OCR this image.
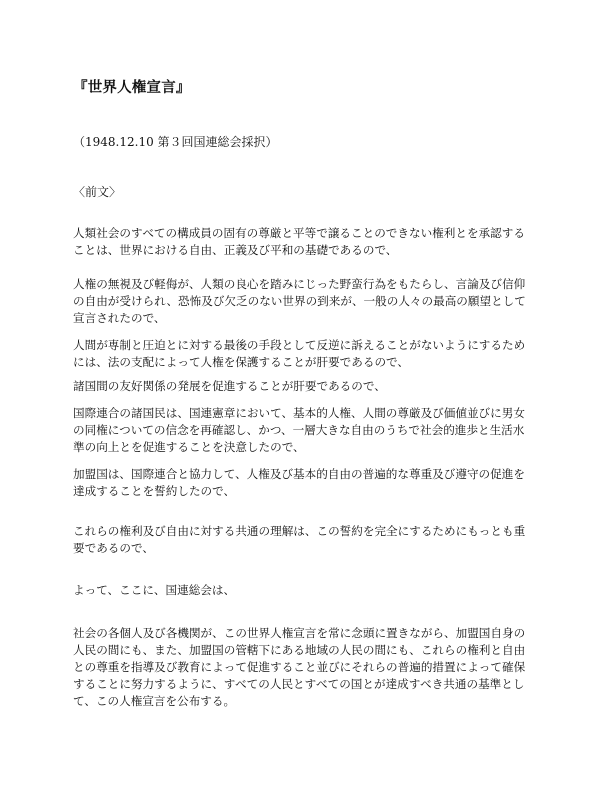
『世界人権宣言』
（1948.12.10 第３回国連総会採択）
〈前文〉
人類社会のすべての構成員の固有の尊厳と平等で譲ることのできない権利とを承認する
ことは、世界における自由、正義及び平和の基礎であるので、
人権の無視及び軽侮が、人類の良心を踏みにじった野蛮行為をもたらし、言論及び信仰
の自由が受けられ、恐怖及び欠乏のない世界の到来が、一般の人々の最高の願望として
宣言されたので、
人間が専制と圧迫とに対する最後の手段として反逆に訴えることがないようにするため
には、法の支配によって人権を保護することが肝要であるので、
諸国間の友好関係の発展を促進することが肝要であるので、
国際連合の諸国民は、国連憲章において、基本的人権、人間の尊厳及び価値並びに男女
の同権についての信念を再確認し、かつ、一層大きな自由のうちで社会的進歩と生活水
準の向上とを促進することを決意したので、
加盟国は、国際連合と協力して、人権及び基本的自由の普遍的な尊重及び遵守の促進を
達成することを誓約したので、
これらの権利及び自由に対する共通の理解は、この誓約を完全にするためにもっとも重
要であるので、
よって、ここに、国連総会は、
社会の各個人及び各機関が、この世界人権宣言を常に念頭に置きながら、加盟国自身の
人民の間にも、また、加盟国の管轄下にある地域の人民の間にも、これらの権利と自由
との尊重を指導及び教育によって促進すること並びにそれらの普遍的措置によって確保
することに努力するように、すべての人民とすべての国とが達成すべき共通の基準とし
て、この人権宣言を公布する。
